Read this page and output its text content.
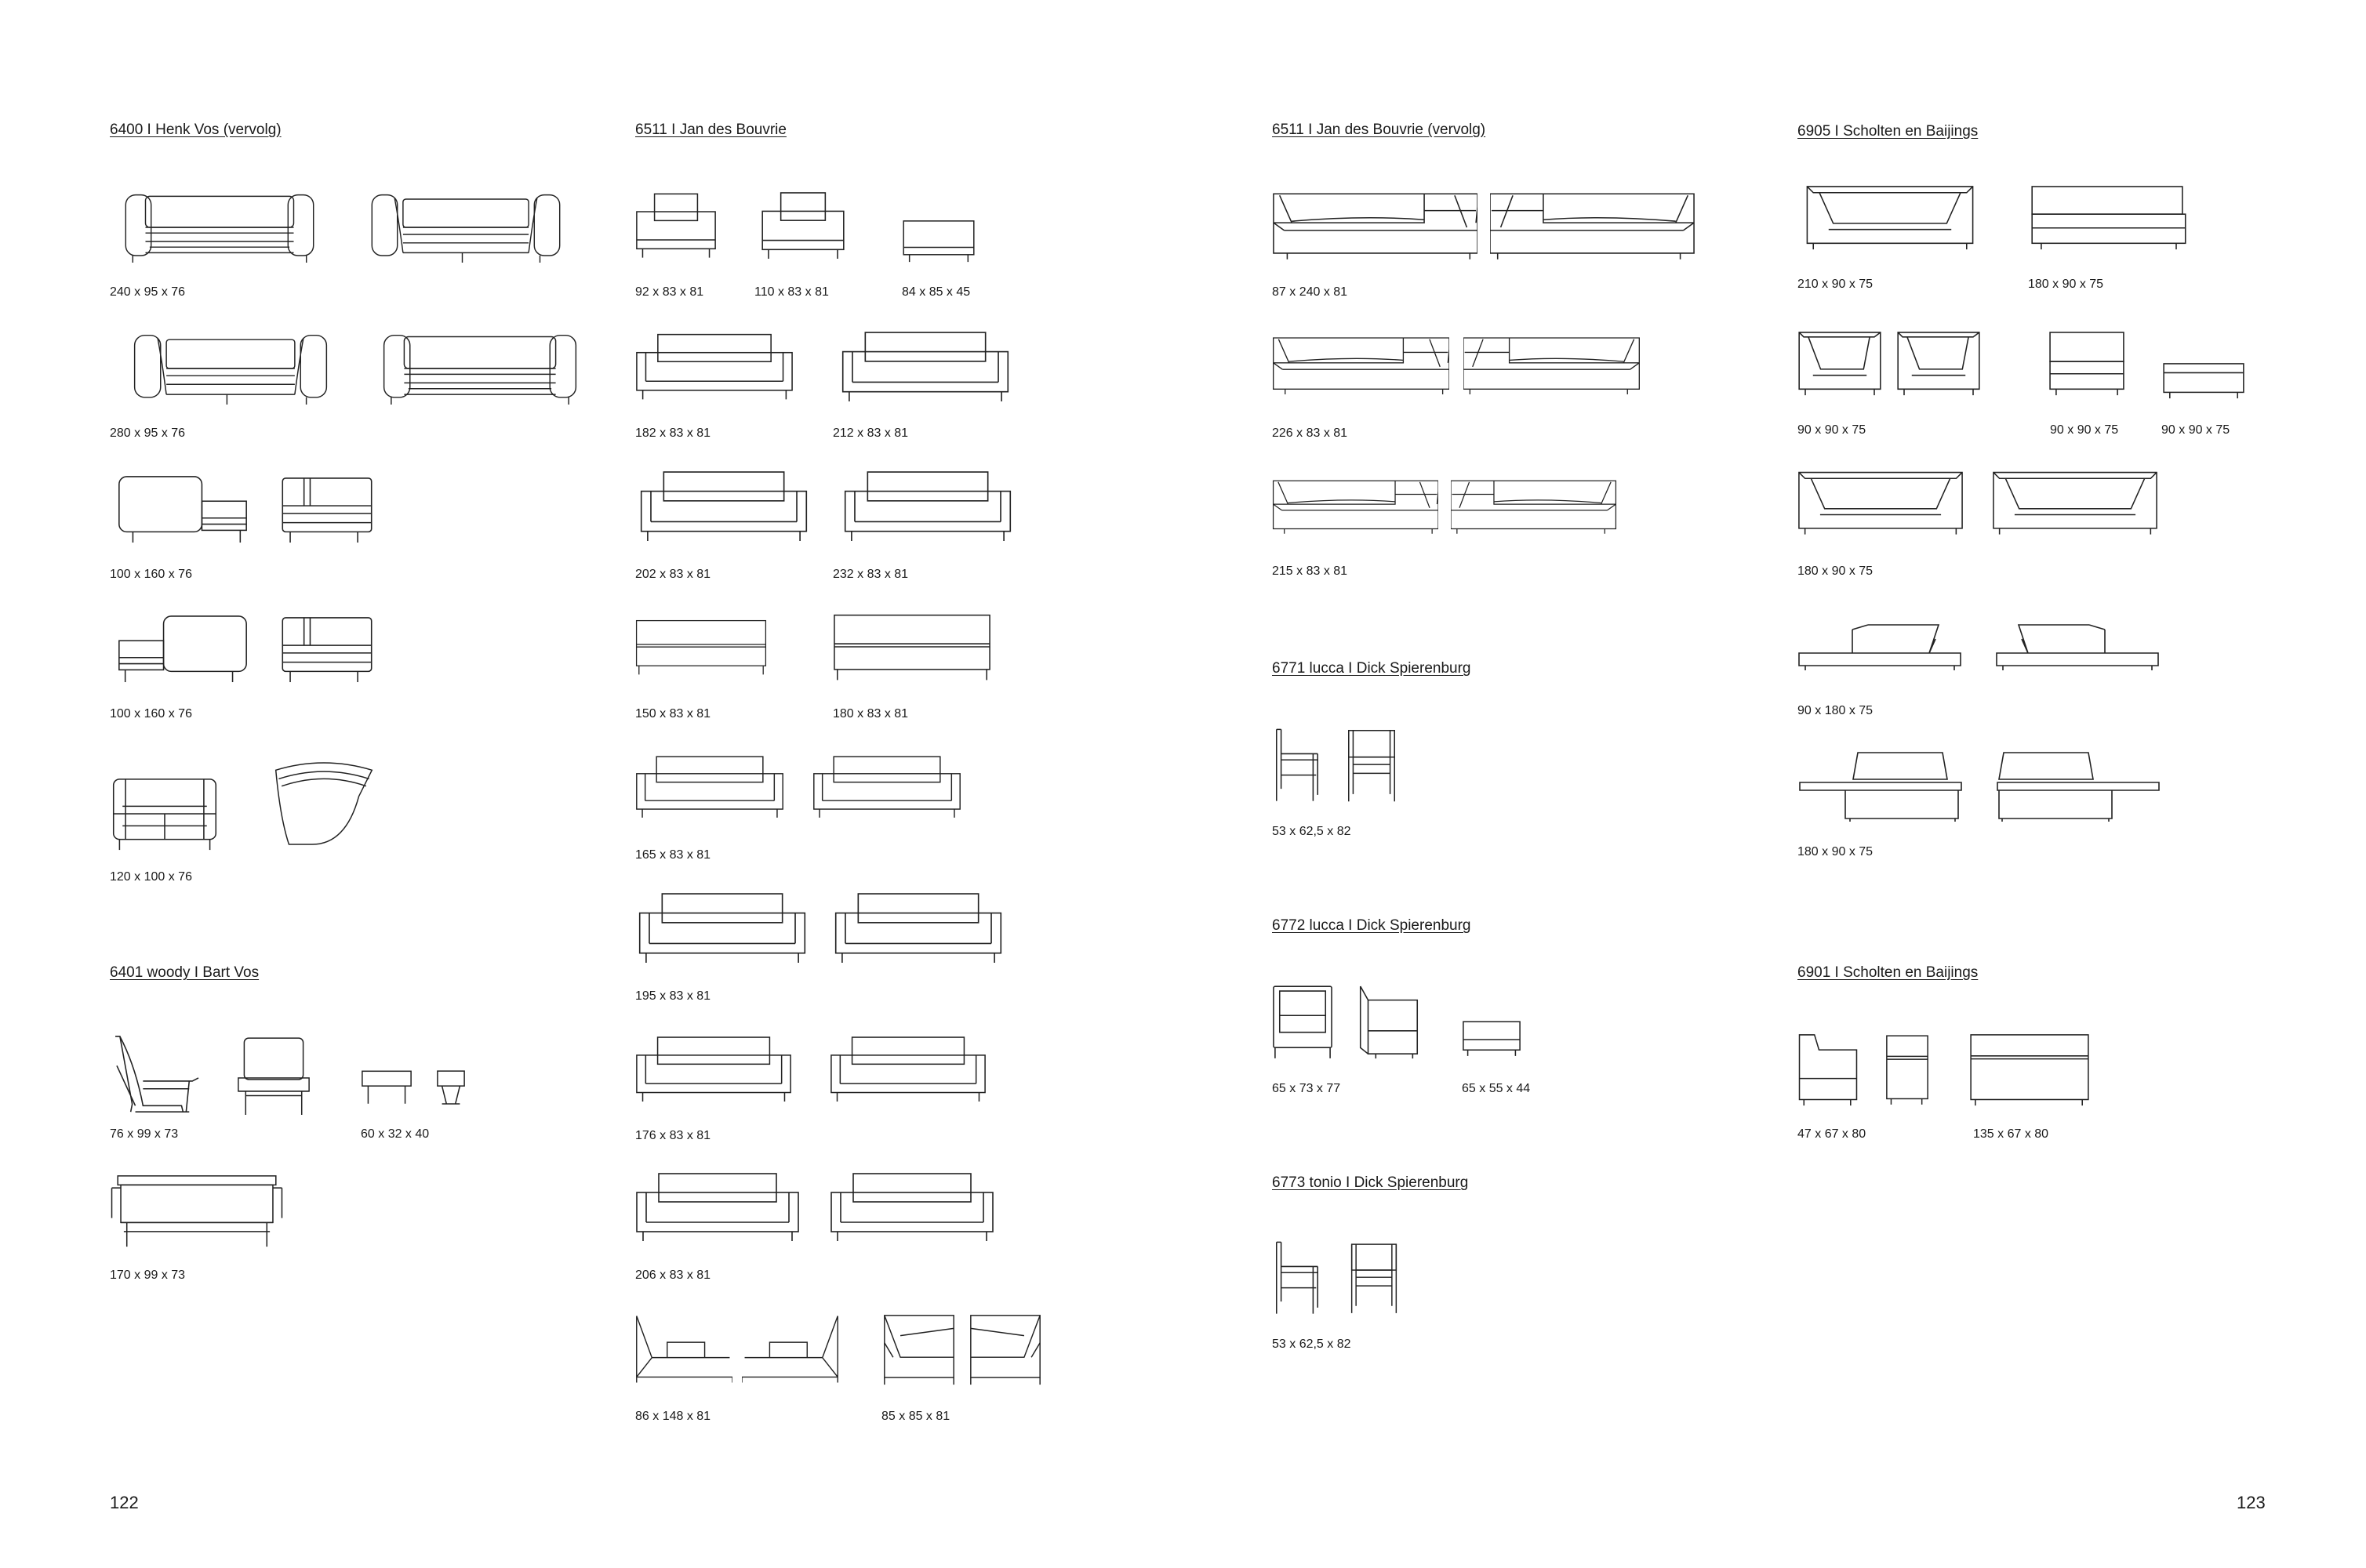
6400 I Henk Vos (vervolg)
240 x 95 x 76
280 x 95 x 76
100 x 160 x 76
100 x 160 x 76
120 x 100 x 76
6401 woody I Bart Vos
76 x 99 x 73	60 x 32 x 40
170 x 99 x 73
6511 I Jan des Bouvrie
92 x 83 x 81	110 x 83 x 81	84 x 85 x 45
182 x 83 x 81	212 x 83 x 81
202 x 83 x 81	232 x 83 x 81
150 x 83 x 81	180 x 83 x 81
165 x 83 x 81
195 x 83 x 81
176 x 83 x 81
206 x 83 x 81
86 x 148 x 81	85 x 85 x 81
122
6511 I Jan des Bouvrie (vervolg)
87 x 240 x 81
226 x 83 x 81
215 x 83 x 81
6771 lucca I Dick Spierenburg
53 x 62,5 x 82
6772 lucca I Dick Spierenburg
65 x 73 x 77	65 x 55 x 44
6773 tonio I Dick Spierenburg
53 x 62,5 x 82
6905 I Scholten en Baijings
210 x 90 x 75	180 x 90 x 75
90 x 90 x 75	90 x 90 x 75	90 x 90 x 75
180 x 90 x 75
90 x 180 x 75
180 x 90 x 75
6901 I Scholten en Baijings
47 x 67 x 80	135 x 67 x 80
123
